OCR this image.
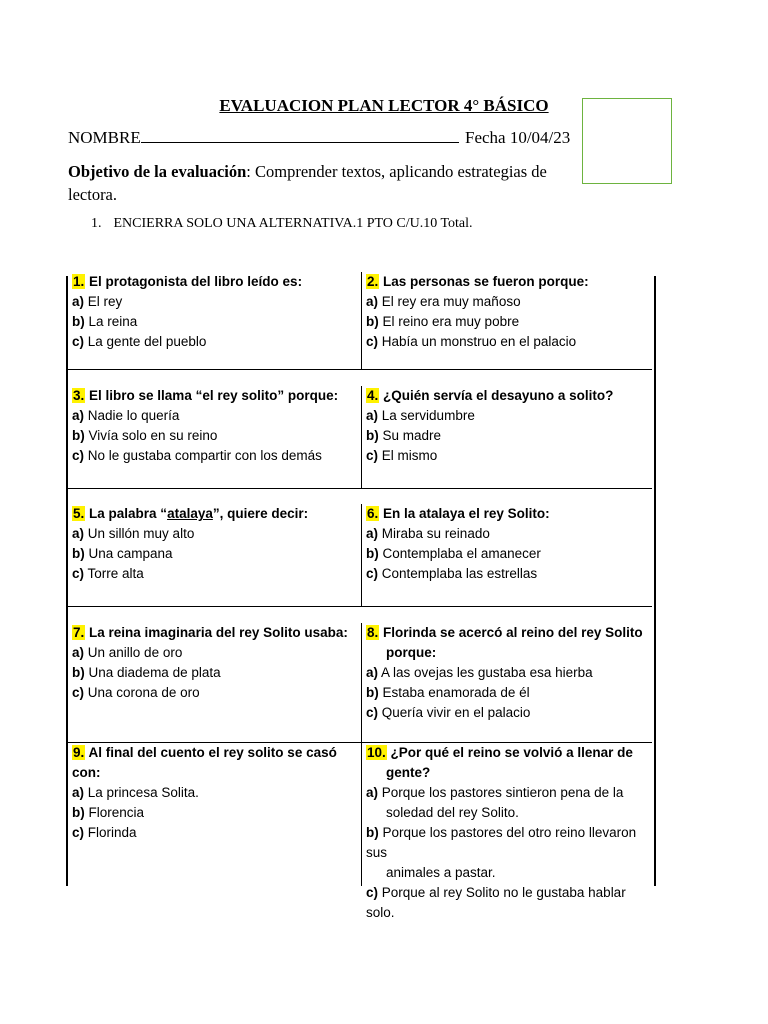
EVALUACION PLAN LECTOR 4° BÁSICO
NOMBRE	Fecha 10/04/23
Objetivo de la evaluación: Comprender textos, aplicando estrategias de lectora.
1. ENCIERRA SOLO UNA ALTERNATIVA.1 PTO C/U.10 Total.
1. El protagonista del libro leído es:
a) El rey
b) La reina
c) La gente del pueblo
2. Las personas se fueron porque:
a) El rey era muy mañoso
b) El reino era muy pobre
c) Había un monstruo en el palacio
3. El libro se llama “el rey solito” porque:
a) Nadie lo quería
b) Vivía solo en su reino
c) No le gustaba compartir con los demás
4. ¿Quién servía el desayuno a solito?
a) La servidumbre
b) Su madre
c) El mismo
5. La palabra “atalaya”, quiere decir:
a) Un sillón muy alto
b) Una campana
c) Torre alta
6. En la atalaya el rey Solito:
a) Miraba su reinado
b) Contemplaba el amanecer
c) Contemplaba las estrellas
7. La reina imaginaria del rey Solito usaba:
a) Un anillo de oro
b) Una diadema de plata
c) Una corona de oro
8. Florinda se acercó al reino del rey Solito
porque:
a) A las ovejas les gustaba esa hierba
b) Estaba enamorada de él
c) Quería vivir en el palacio
9. Al final del cuento el rey solito se casó con:
a) La princesa Solita.
b) Florencia
c) Florinda
10. ¿Por qué el reino se volvió a llenar de
gente?
a) Porque los pastores sintieron pena de la
soledad del rey Solito.
b) Porque los pastores del otro reino llevaron sus
animales a pastar.
c) Porque al rey Solito no le gustaba hablar solo.
